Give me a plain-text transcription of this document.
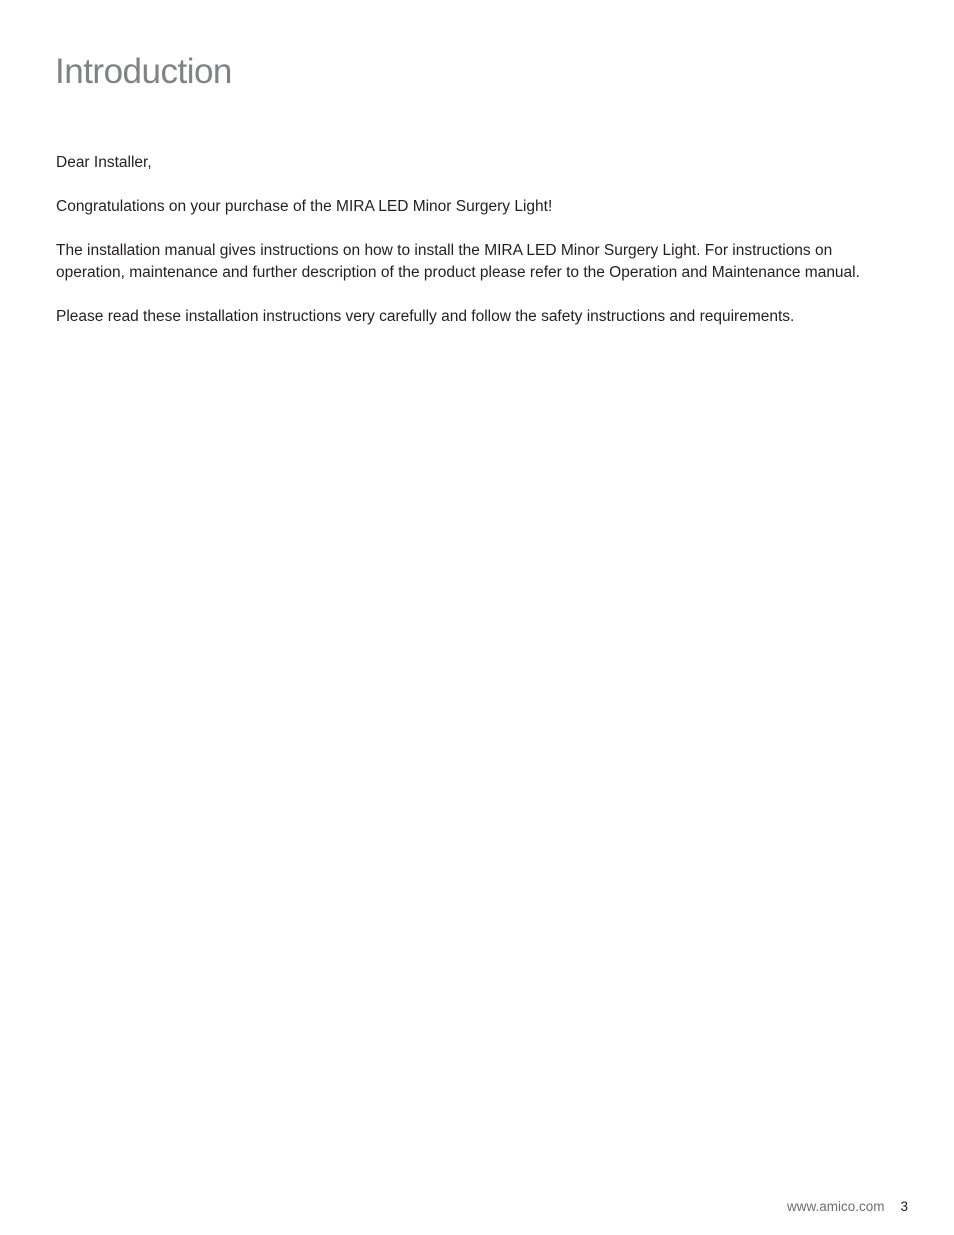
Introduction

Dear Installer,

Congratulations on your purchase of the MIRA LED Minor Surgery Light!

The installation manual gives instructions on how to install the MIRA LED Minor Surgery Light. For instructions on operation, maintenance and further description of the product please refer to the Operation and Maintenance manual.

Please read these installation instructions very carefully and follow the safety instructions and requirements.

www.amico.com 3
